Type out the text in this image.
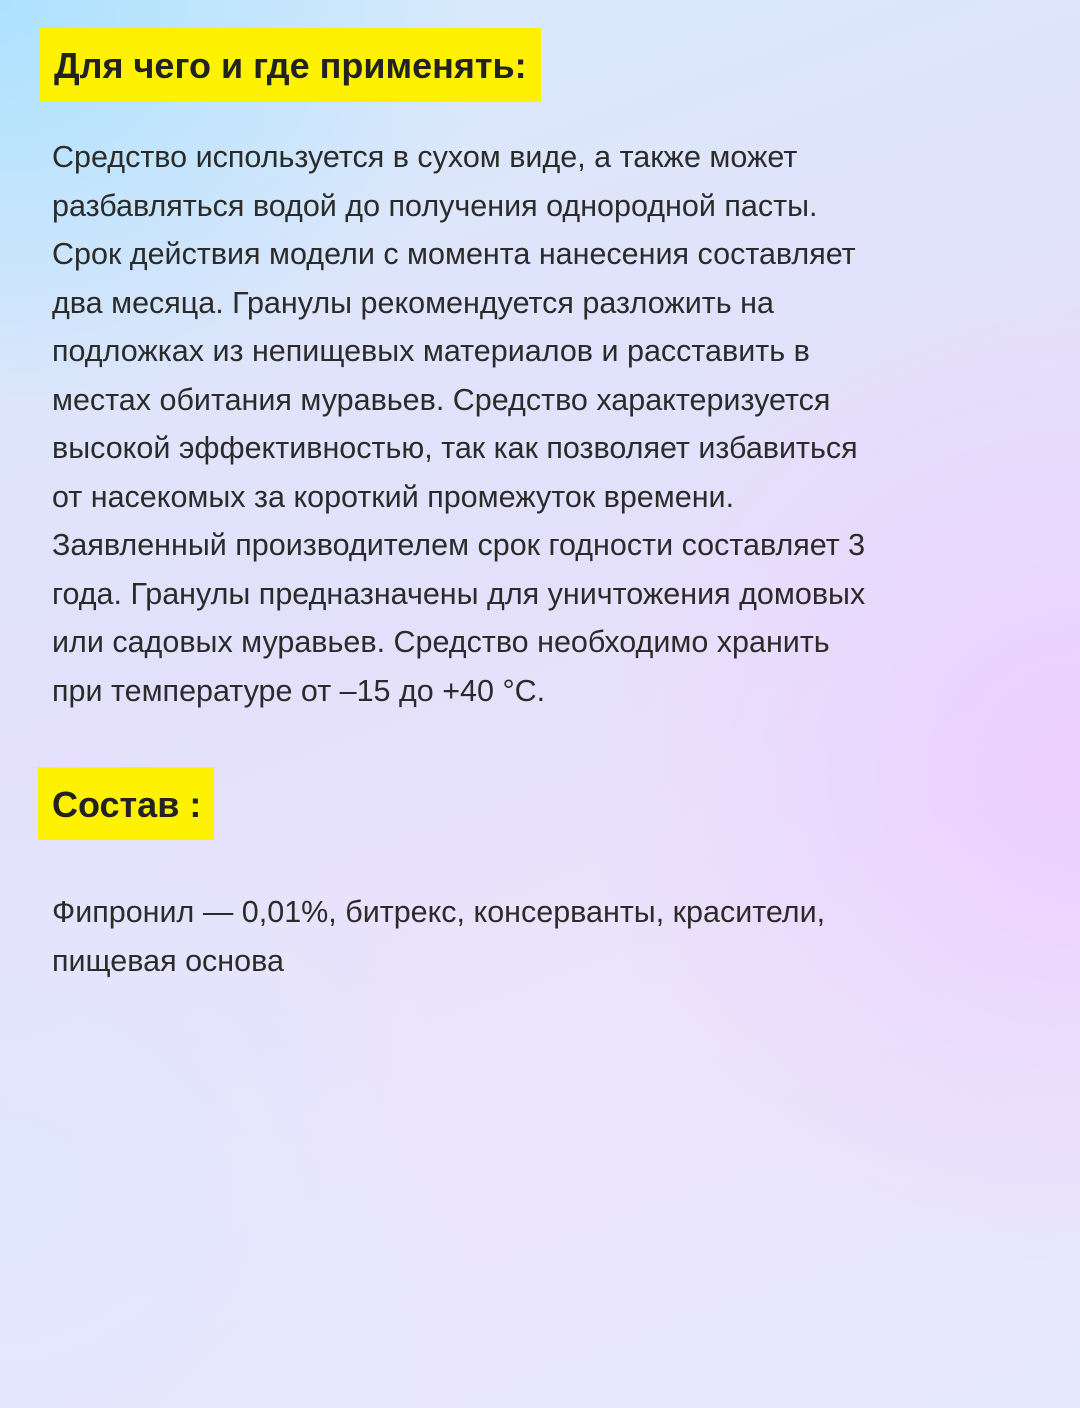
Для чего и где применять:

Средство используется в сухом виде, а также может
разбавляться водой до получения однородной пасты.
Срок действия модели с момента нанесения составляет
два месяца. Гранулы рекомендуется разложить на
подложках из непищевых материалов и расставить в
местах обитания муравьев. Средство характеризуется
высокой эффективностью, так как позволяет избавиться
от насекомых за короткий промежуток времени.
Заявленный производителем срок годности составляет 3
года. Гранулы предназначены для уничтожения домовых
или садовых муравьев. Средство необходимо хранить
при температуре от –15 до +40 °С.

Состав :

Фипронил — 0,01%, битрекс, консерванты, красители,
пищевая основа
